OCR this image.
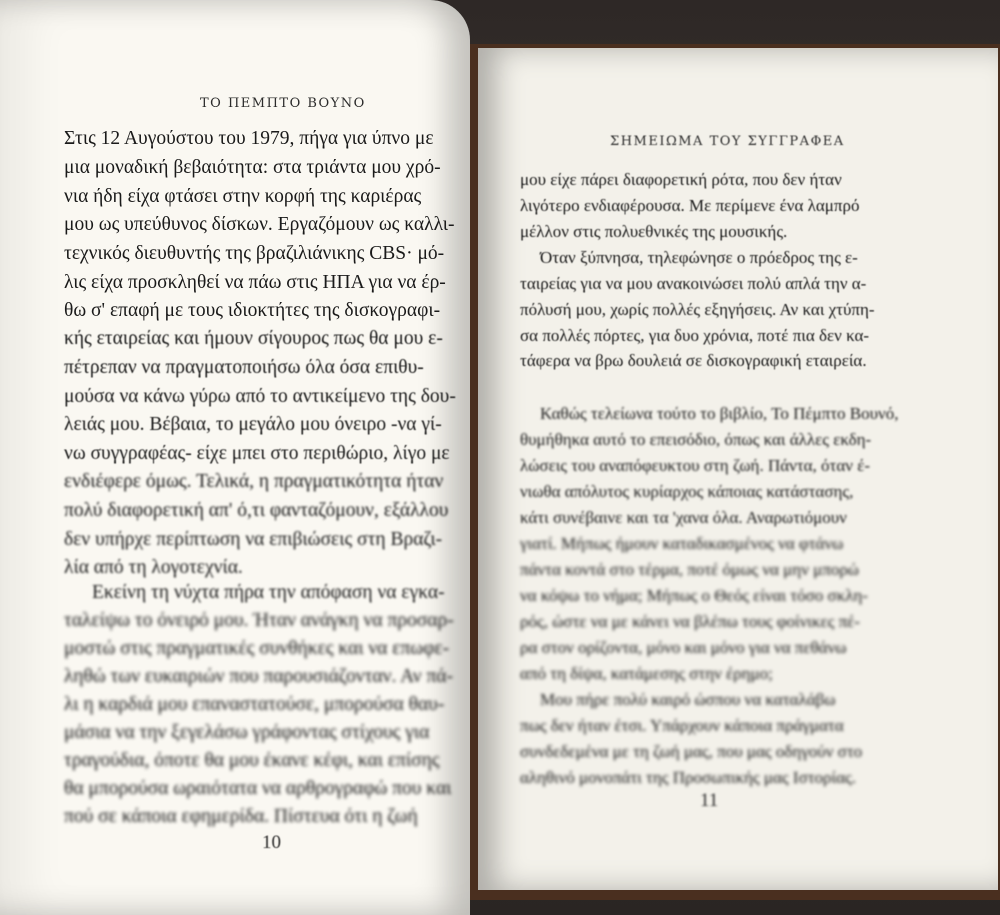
ΣΗΜΕΙΩΜΑ ΤΟΥ ΣΥΓΓΡΑΦΕΑ
μου είχε πάρει διαφορετική ρότα, που δεν ήταν
λιγότερο ενδιαφέρουσα. Με περίμενε ένα λαμπρό
μέλλον στις πολυεθνικές της μουσικής.
Όταν ξύπνησα, τηλεφώνησε ο πρόεδρος της ε-
ταιρείας για να μου ανακοινώσει πολύ απλά την α-
πόλυσή μου, χωρίς πολλές εξηγήσεις. Αν και χτύπη-
σα πολλές πόρτες, για δυο χρόνια, ποτέ πια δεν κα-
τάφερα να βρω δουλειά σε δισκογραφική εταιρεία.
Καθώς τελείωνα τούτο το βιβλίο, Το Πέμπτο Βουνό,
θυμήθηκα αυτό το επεισόδιο, όπως και άλλες εκδη-
λώσεις του αναπόφευκτου στη ζωή. Πάντα, όταν έ-
νιωθα απόλυτος κυρίαρχος κάποιας κατάστασης,
κάτι συνέβαινε και τα 'χανα όλα. Αναρωτιόμουν
γιατί. Μήπως ήμουν καταδικασμένος να φτάνω
πάντα κοντά στο τέρμα, ποτέ όμως να μην μπορώ
να κόψω το νήμα; Μήπως ο Θεός είναι τόσο σκλη-
ρός, ώστε να με κάνει να βλέπω τους φοίνικες πέ-
ρα στον ορίζοντα, μόνο και μόνο για να πεθάνω
από τη δίψα, κατάμεσης στην έρημο;
Μου πήρε πολύ καιρό ώσπου να καταλάβω
πως δεν ήταν έτσι. Υπάρχουν κάποια πράγματα
συνδεδεμένα με τη ζωή μας, που μας οδηγούν στο
αληθινό μονοπάτι της Προσωπικής μας Ιστορίας.
11
ΤΟ ΠΕΜΠΤΟ ΒΟΥΝΟ
Στις 12 Αυγούστου του 1979, πήγα για ύπνο με
μια μοναδική βεβαιότητα: στα τριάντα μου χρό-
νια ήδη είχα φτάσει στην κορφή της καριέρας
μου ως υπεύθυνος δίσκων. Εργαζόμουν ως καλλι-
τεχνικός διευθυντής της βραζιλιάνικης CBS· μό-
λις είχα προσκληθεί να πάω στις ΗΠΑ για να έρ-
θω σ' επαφή με τους ιδιοκτήτες της δισκογραφι-
κής εταιρείας και ήμουν σίγουρος πως θα μου ε-
πέτρεπαν να πραγματοποιήσω όλα όσα επιθυ-
μούσα να κάνω γύρω από το αντικείμενο της δου-
λειάς μου. Βέβαια, το μεγάλο μου όνειρο -να γί-
νω συγγραφέας- είχε μπει στο περιθώριο, λίγο με
ενδιέφερε όμως. Τελικά, η πραγματικότητα ήταν
πολύ διαφορετική απ' ό,τι φανταζόμουν, εξάλλου
δεν υπήρχε περίπτωση να επιβιώσεις στη Βραζι-
λία από τη λογοτεχνία.
Εκείνη τη νύχτα πήρα την απόφαση να εγκα-
ταλείψω το όνειρό μου. Ήταν ανάγκη να προσαρ-
μοστώ στις πραγματικές συνθήκες και να επωφε-
ληθώ των ευκαιριών που παρουσιάζονταν. Αν πά-
λι η καρδιά μου επαναστατούσε, μπορούσα θαυ-
μάσια να την ξεγελάσω γράφοντας στίχους για
τραγούδια, όποτε θα μου έκανε κέφι, και επίσης
θα μπορούσα ωραιότατα να αρθρογραφώ που και
πού σε κάποια εφημερίδα. Πίστευα ότι η ζωή
10
